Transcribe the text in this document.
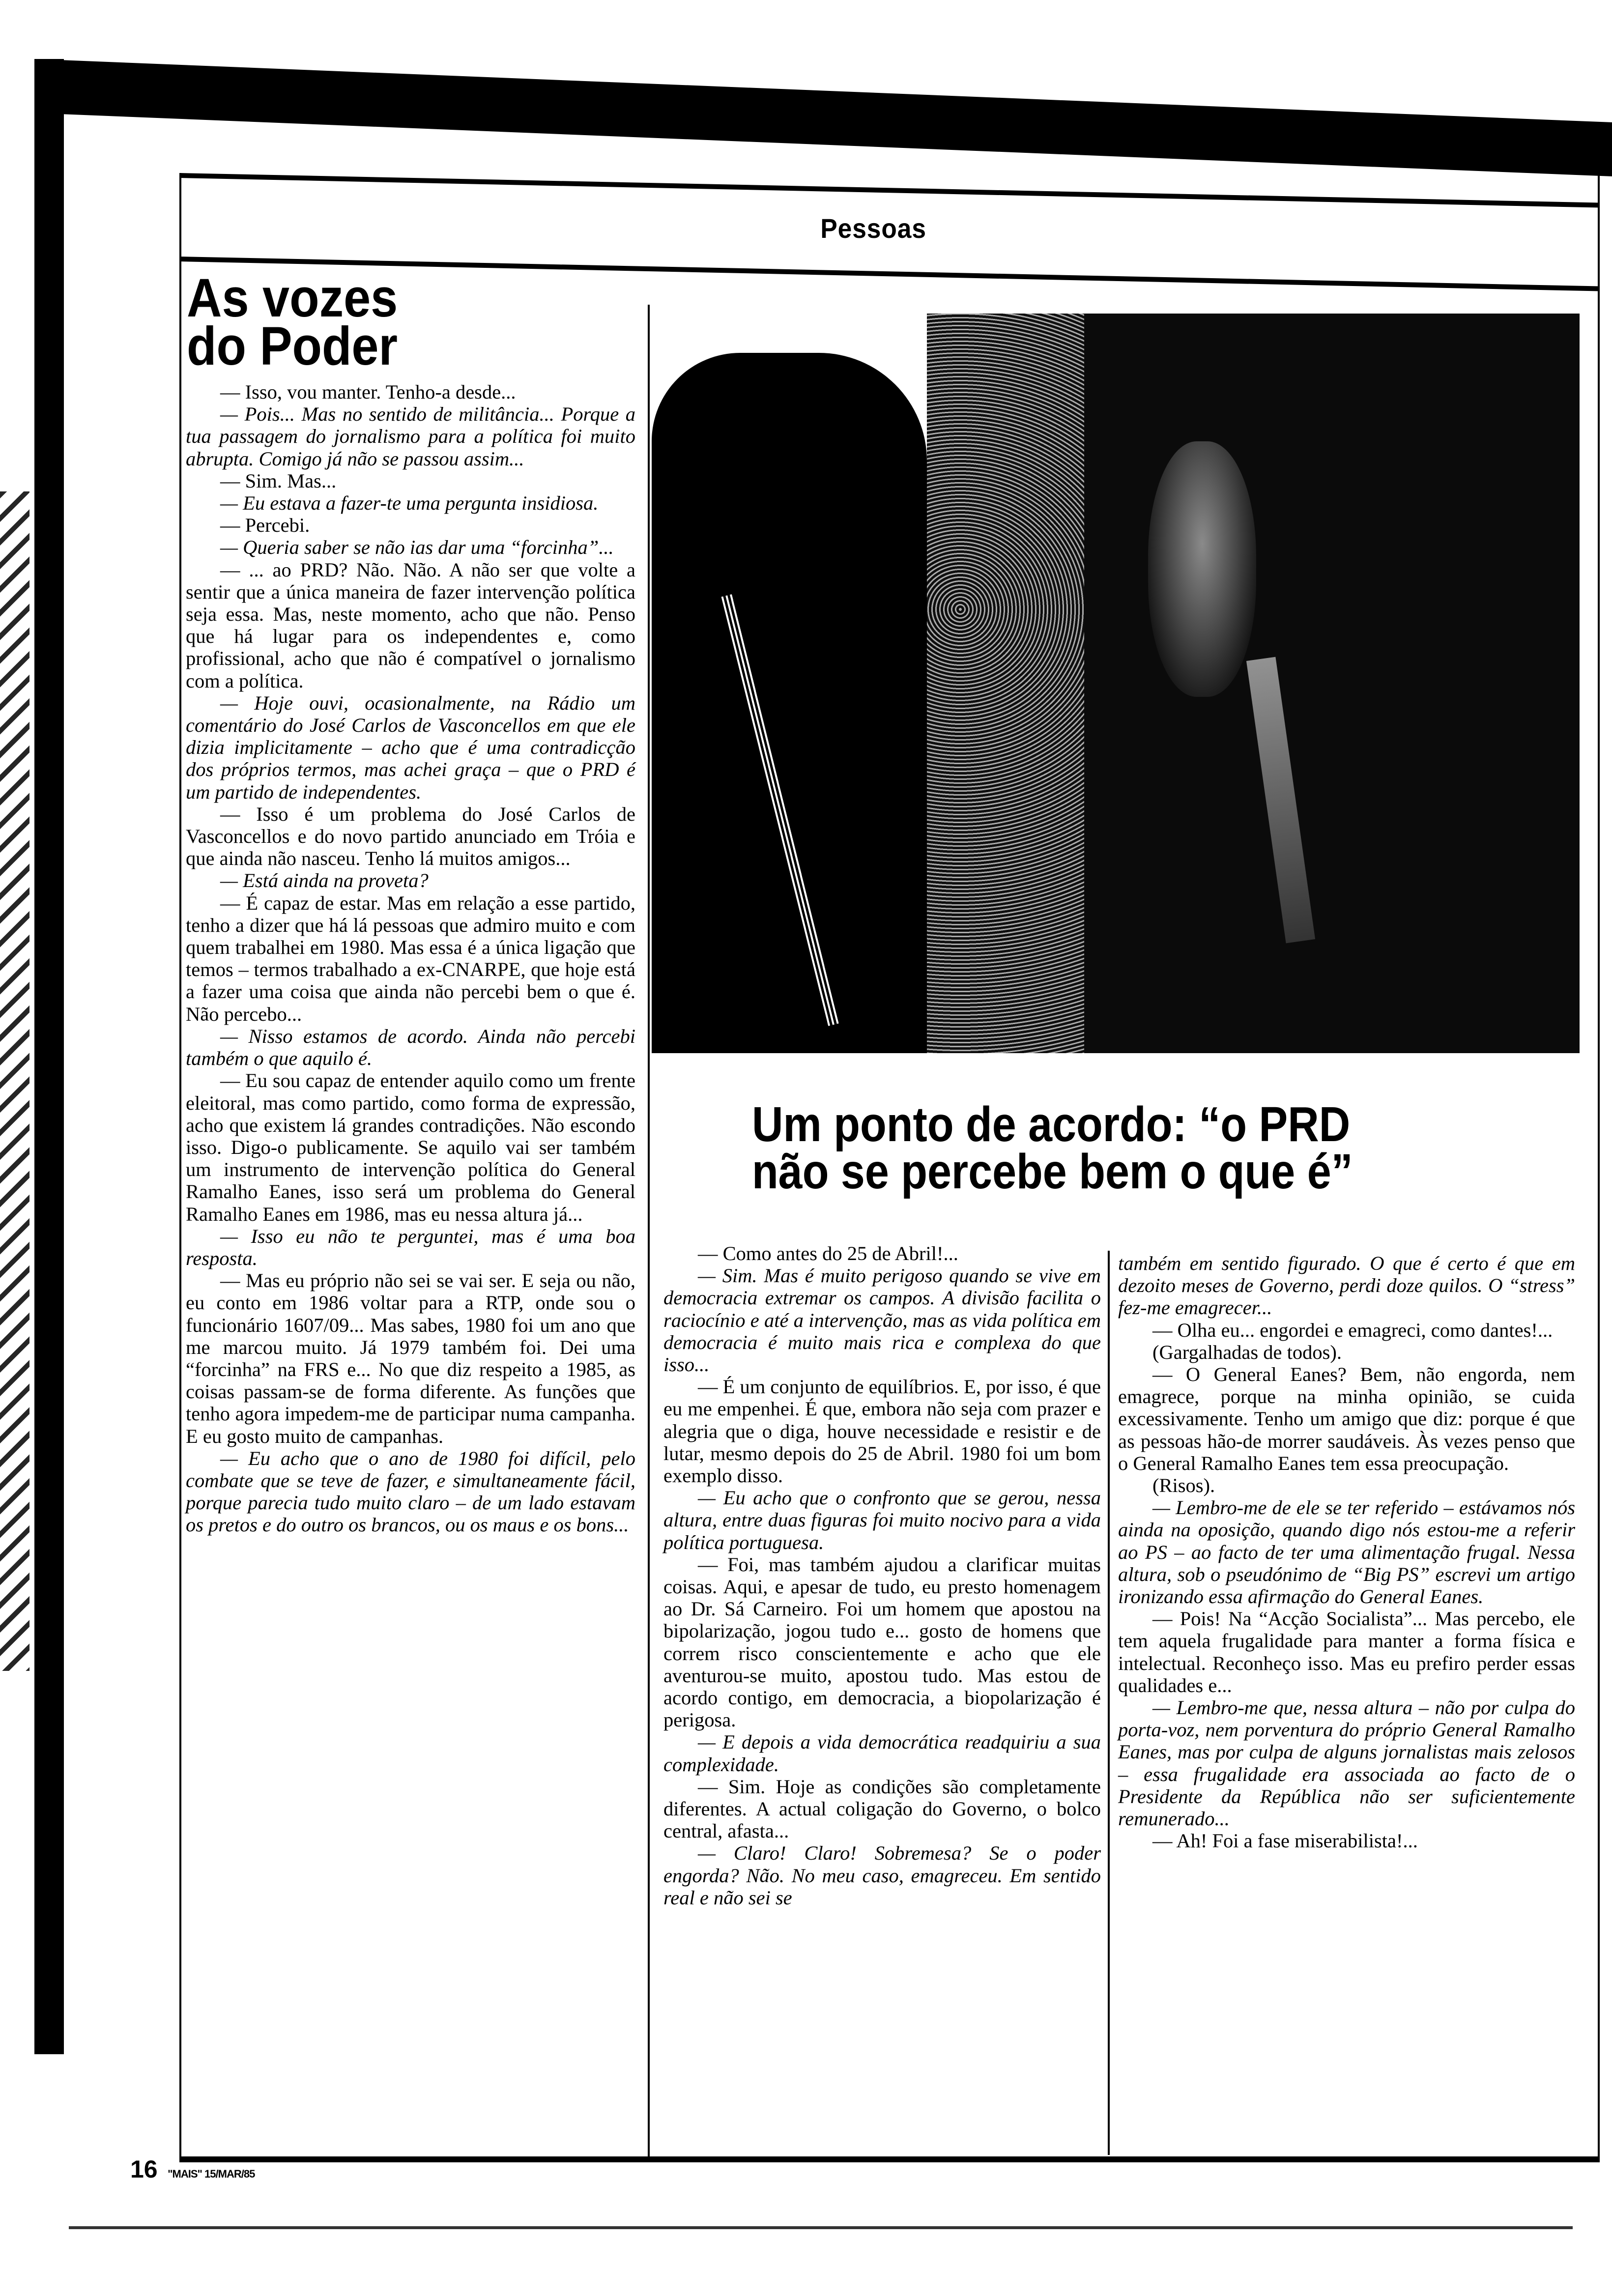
Pessoas
As vozes
do Poder

— Isso, vou manter. Tenho-a desde...

— Pois... Mas no sentido de militância... Porque a tua passagem do jornalismo para a política foi muito abrupta. Comigo já não se passou assim...

— Sim. Mas...

— Eu estava a fazer-te uma pergunta insidiosa.

— Percebi.

— Queria saber se não ias dar uma “forcinha”...

— ... ao PRD? Não. Não. A não ser que volte a sentir que a única maneira de fazer intervenção política seja essa. Mas, neste momento, acho que não. Penso que há lugar para os independentes e, como profissional, acho que não é compatível o jornalismo com a política.

— Hoje ouvi, ocasionalmente, na Rádio um comentário do José Carlos de Vasconcellos em que ele dizia implicitamente – acho que é uma contradicção dos próprios termos, mas achei graça – que o PRD é um partido de independentes.

— Isso é um problema do José Carlos de Vasconcellos e do novo partido anunciado em Tróia e que ainda não nasceu. Tenho lá muitos amigos...

— Está ainda na proveta?

— É capaz de estar. Mas em relação a esse partido, tenho a dizer que há lá pessoas que admiro muito e com quem trabalhei em 1980. Mas essa é a única ligação que temos – termos trabalhado a ex-CNARPE, que hoje está a fazer uma coisa que ainda não percebi bem o que é. Não percebo...

— Nisso estamos de acordo. Ainda não percebi também o que aquilo é.

— Eu sou capaz de entender aquilo como um frente eleitoral, mas como partido, como forma de expressão, acho que existem lá grandes contradições. Não escondo isso. Digo-o publicamente. Se aquilo vai ser também um instrumento de intervenção política do General Ramalho Eanes, isso será um problema do General Ramalho Eanes em 1986, mas eu nessa altura já...

— Isso eu não te perguntei, mas é uma boa resposta.

— Mas eu próprio não sei se vai ser. E seja ou não, eu conto em 1986 voltar para a RTP, onde sou o funcionário 1607/09... Mas sabes, 1980 foi um ano que me marcou muito. Já 1979 também foi. Dei uma “forcinha” na FRS e... No que diz respeito a 1985, as coisas passam-se de forma diferente. As funções que tenho agora impedem-me de participar numa campanha. E eu gosto muito de campanhas.

— Eu acho que o ano de 1980 foi difícil, pelo combate que se teve de fazer, e simultaneamente fácil, porque parecia tudo muito claro – de um lado estavam os pretos e do outro os brancos, ou os maus e os bons...

Um ponto de acordo: “o PRD não se percebe bem o que é”

— Como antes do 25 de Abril!...

— Sim. Mas é muito perigoso quando se vive em democracia extremar os campos. A divisão facilita o raciocínio e até a intervenção, mas as vida política em democracia é muito mais rica e complexa do que isso...

— É um conjunto de equilíbrios. E, por isso, é que eu me empenhei. É que, embora não seja com prazer e alegria que o diga, houve necessidade e resistir e de lutar, mesmo depois do 25 de Abril. 1980 foi um bom exemplo disso.

— Eu acho que o confronto que se gerou, nessa altura, entre duas figuras foi muito nocivo para a vida política portuguesa.

— Foi, mas também ajudou a clarificar muitas coisas. Aqui, e apesar de tudo, eu presto homenagem ao Dr. Sá Carneiro. Foi um homem que apostou na bipolarização, jogou tudo e... gosto de homens que correm risco conscientemente e acho que ele aventurou-se muito, apostou tudo. Mas estou de acordo contigo, em democracia, a biopolarização é perigosa.

— E depois a vida democrática readquiriu a sua complexidade.

— Sim. Hoje as condições são completamente diferentes. A actual coligação do Governo, o bolco central, afasta...

— Claro! Claro! Sobremesa? Se o poder engorda? Não. No meu caso, emagreceu. Em sentido real e não sei se

também em sentido figurado. O que é certo é que em dezoito meses de Governo, perdi doze quilos. O “stress” fez-me emagrecer...

— Olha eu... engordei e emagreci, como dantes!...

(Gargalhadas de todos).

— O General Eanes? Bem, não engorda, nem emagrece, porque na minha opinião, se cuida excessivamente. Tenho um amigo que diz: porque é que as pessoas hão-de morrer saudáveis. Às vezes penso que o General Ramalho Eanes tem essa preocupação.

(Risos).

— Lembro-me de ele se ter referido – estávamos nós ainda na oposição, quando digo nós estou-me a referir ao PS – ao facto de ter uma alimentação frugal. Nessa altura, sob o pseudónimo de “Big PS” escrevi um artigo ironizando essa afirmação do General Eanes.

— Pois! Na “Acção Socialista”... Mas percebo, ele tem aquela frugalidade para manter a forma física e intelectual. Reconheço isso. Mas eu prefiro perder essas qualidades e...

— Lembro-me que, nessa altura – não por culpa do porta-voz, nem porventura do próprio General Ramalho Eanes, mas por culpa de alguns jornalistas mais zelosos – essa frugalidade era associada ao facto de o Presidente da República não ser suficientemente remunerado...

— Ah! Foi a fase miserabilista!...

16 "MAIS" 15/MAR/85
